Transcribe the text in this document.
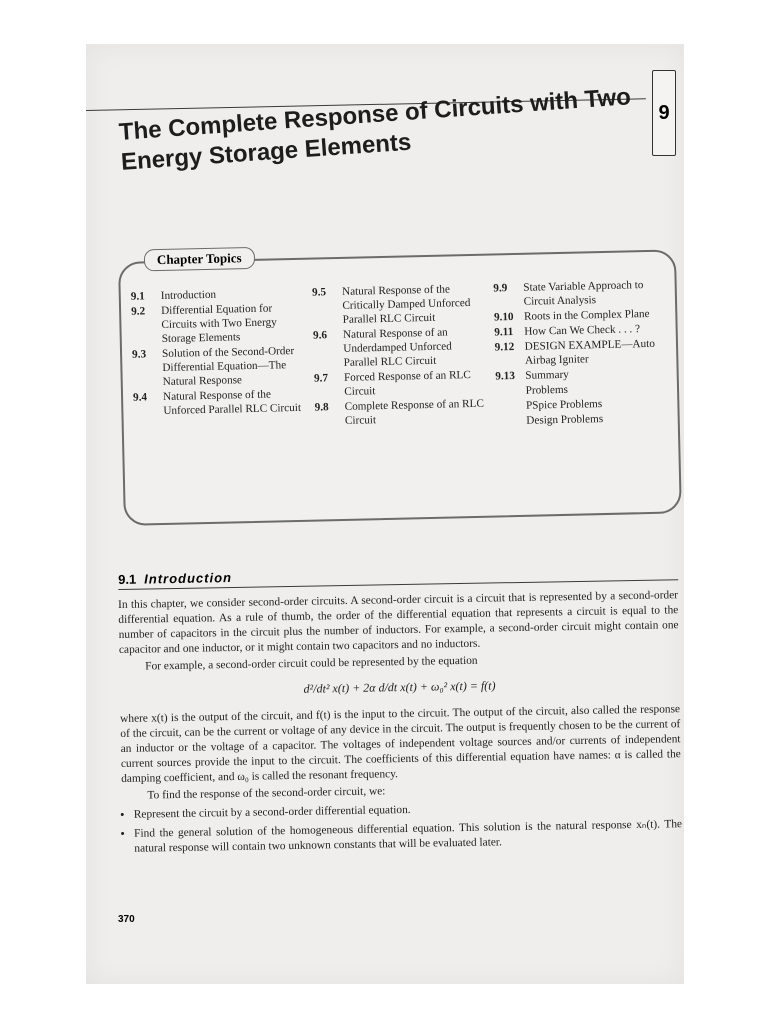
9
370
The Complete Response of Circuits with Two Energy Storage Elements
Chapter Topics
9.1	Introduction
9.2	Differential Equation for Circuits with Two Energy Storage Elements
9.3	Solution of the Second-Order Differential Equation—The Natural Response
9.4	Natural Response of the Unforced Parallel RLC Circuit
9.5	Natural Response of the Critically Damped Unforced Parallel RLC Circuit
9.6	Natural Response of an Underdamped Unforced Parallel RLC Circuit
9.7	Forced Response of an RLC Circuit
9.8	Complete Response of an RLC Circuit
9.9	State Variable Approach to Circuit Analysis
9.10 Roots in the Complex Plane
9.11 How Can We Check . . . ?
9.12 DESIGN EXAMPLE—Auto Airbag Igniter
9.13 Summary
Problems
PSpice Problems
Design Problems
9.1 Introduction

In this chapter, we consider second-order circuits. A second-order circuit is a circuit that is represented by a second-order differential equation. As a rule of thumb, the order of the differential equation that represents a circuit is equal to the number of capacitors in the circuit plus the number of inductors. For example, a second-order circuit might contain one capacitor and one inductor, or it might contain two capacitors and no inductors.

For example, a second-order circuit could be represented by the equation

d²/dt² x(t) + 2α d/dt x(t) + ω₀² x(t) = f(t)

where x(t) is the output of the circuit, and f(t) is the input to the circuit. The output of the circuit, also called the response of the circuit, can be the current or voltage of any device in the circuit. The output is frequently chosen to be the current of an inductor or the voltage of a capacitor. The voltages of independent voltage sources and/or currents of independent current sources provide the input to the circuit. The coefficients of this differential equation have names: α is called the damping coefficient, and ω₀ is called the resonant frequency.

To find the response of the second-order circuit, we:

• Represent the circuit by a second-order differential equation.
• Find the general solution of the homogeneous differential equation. This solution is the natural response xₙ(t). The natural response will contain two unknown constants that will be evaluated later.
